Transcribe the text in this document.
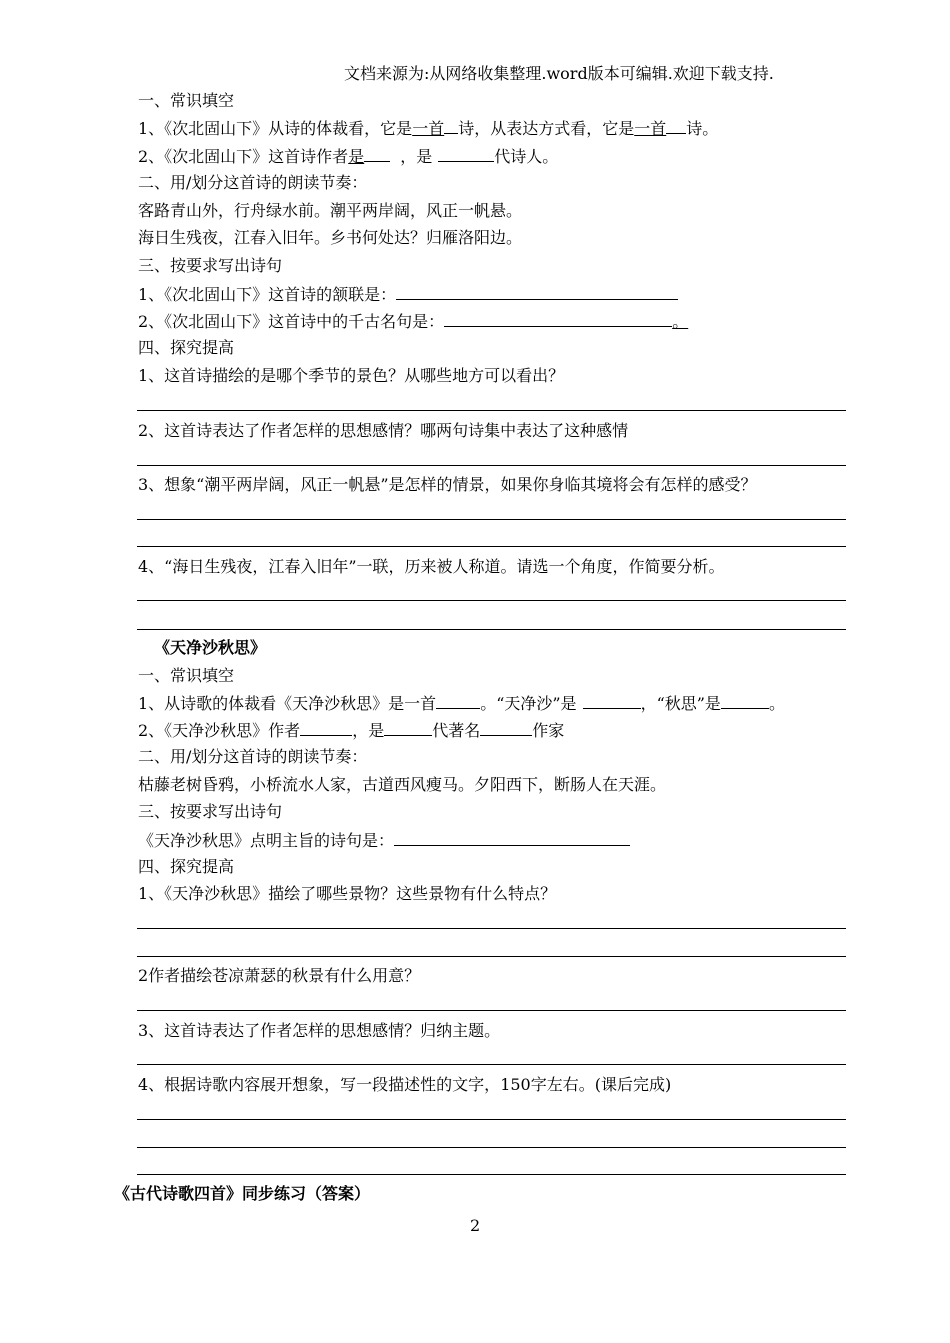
文档来源为:从网络收集整理.word版本可编辑.欢迎下载支持.
一、常识填空
1、《次北固山下》从诗的体裁看，它是一首 诗，从表达方式看，它是一首 诗。
2、《次北固山下》这首诗作者是 ，是	代诗人。
二、用/划分这首诗的朗读节奏：
客路青山外，行舟绿水前。潮平两岸阔，风正一帆悬。
海日生残夜，江春入旧年。乡书何处达？归雁洛阳边。
三、按要求写出诗句
1、《次北固山下》这首诗的颔联是：
2、《次北固山下》这首诗中的千古名句是：	。
四、探究提高
1、这首诗描绘的是哪个季节的景色？从哪些地方可以看出？
2、这首诗表达了作者怎样的思想感情？哪两句诗集中表达了这种感情
3、想象“潮平两岸阔，风正一帆悬”是怎样的情景，如果你身临其境将会有怎样的感受？
4、“海日生残夜，江春入旧年”一联，历来被人称道。请选一个角度，作简要分析。
《天净沙秋思》
一、常识填空
1、从诗歌的体裁看《天净沙秋思》是一首	。“天净沙”是	，“秋思”是	。
2、《天净沙秋思》作者	，是	代著名	作家
二、用/划分这首诗的朗读节奏：
枯藤老树昏鸦，小桥流水人家，古道西风瘦马。夕阳西下，断肠人在天涯。
三、按要求写出诗句
《天净沙秋思》点明主旨的诗句是：
四、探究提高
1、《天净沙秋思》描绘了哪些景物？这些景物有什么特点？
2作者描绘苍凉萧瑟的秋景有什么用意？
3、这首诗表达了作者怎样的思想感情？归纳主题。
4、根据诗歌内容展开想象，写一段描述性的文字，150字左右。(课后完成)
《古代诗歌四首》同步练习（答案）
2
